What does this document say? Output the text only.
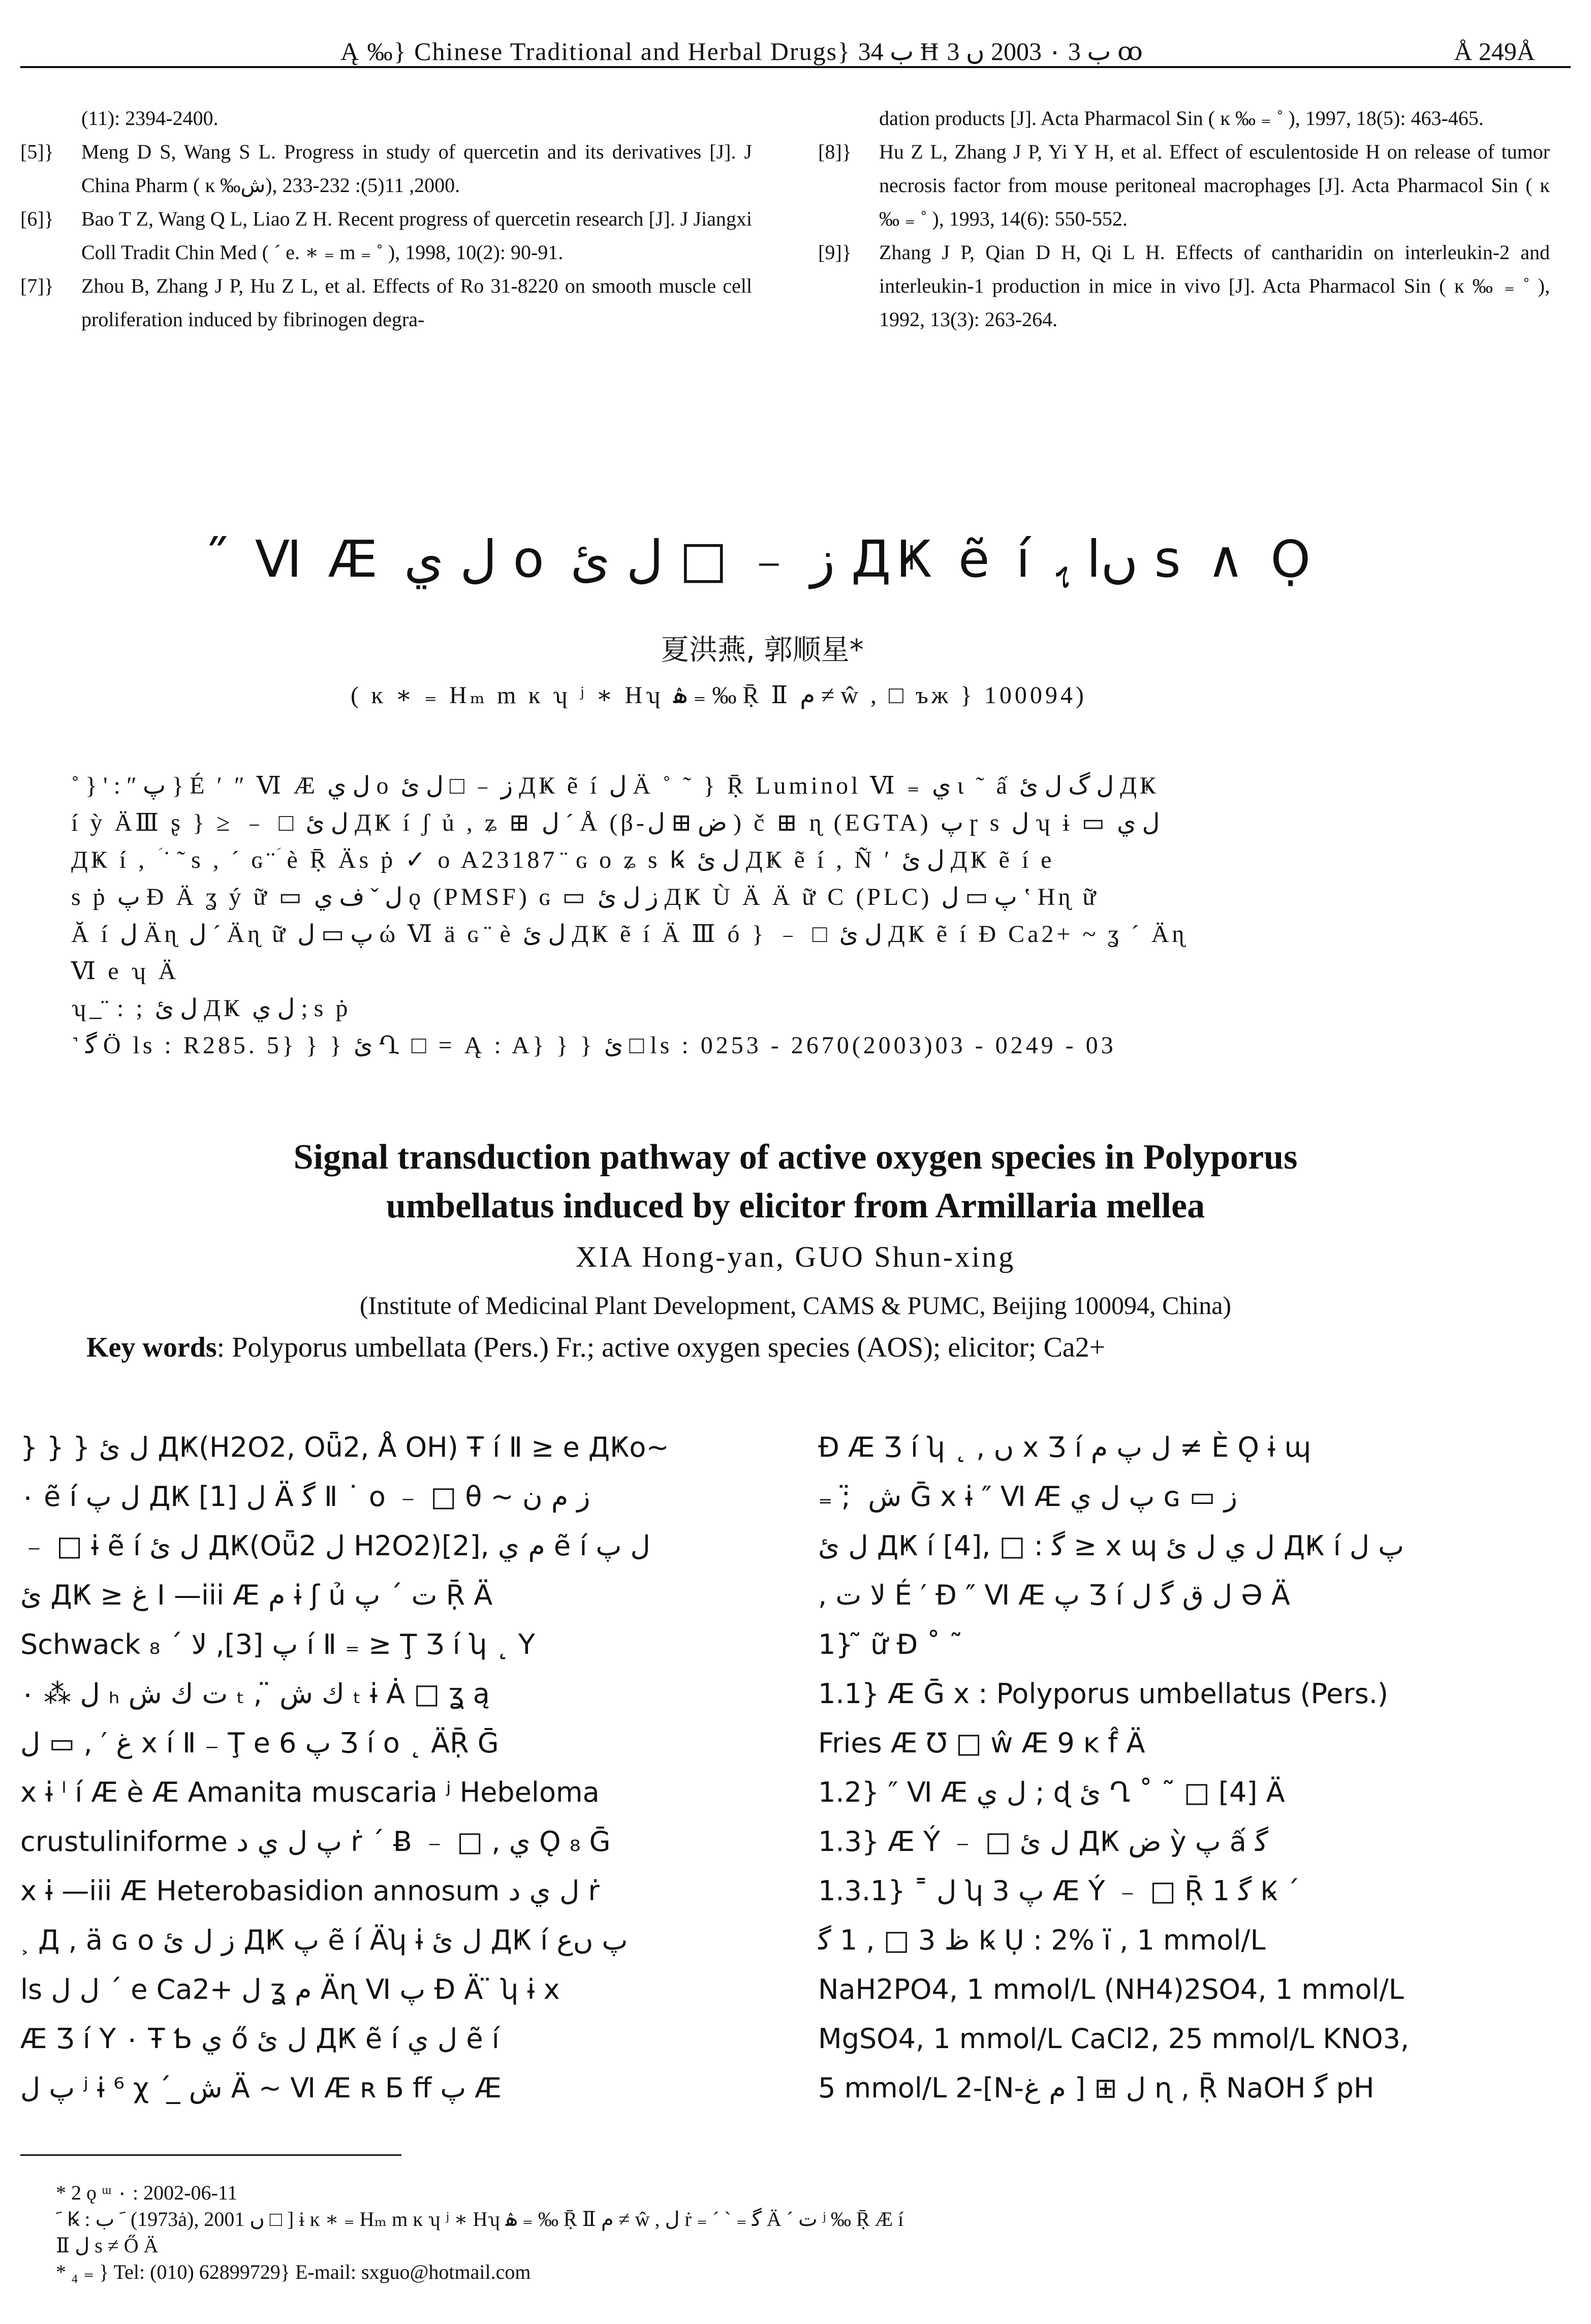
Ą ‰} Chinese Traditional and Herbal Drugs} ب 34 Ħ ب 3 ۰ 2003 ں 3 ꝏ	Å 249Å
(11): 2394-2400.
[5]}	Meng D S, Wang S L. Progress in study of quercetin and its derivatives [J]. J China Pharm ( ĸ ‰ش), 2000, 11(5): 232-233.
[6]}	Bao T Z, Wang Q L, Liao Z H. Recent progress of quercetin research [J]. J Jiangxi Coll Tradit Chin Med ( ´ e. ∗ ₌ m ₌ ˚ ), 1998, 10(2): 90-91.
[7]}	Zhou B, Zhang J P, Hu Z L, et al. Effects of Ro 31-8220 on smooth muscle cell proliferation induced by fibrinogen degra-
dation products [J]. Acta Pharmacol Sin ( ĸ ‰ ₌ ˚ ), 1997, 18(5): 463-465.
[8]}	Hu Z L, Zhang J P, Yi Y H, et al. Effect of esculentoside H on release of tumor necrosis factor from mouse peritoneal macrophages [J]. Acta Pharmacol Sin ( ĸ ‰ ₌ ˚ ), 1993, 14(6): 550-552.
[9]}	Zhang J P, Qian D H, Qi L H. Effects of cantharidin on interleukin-2 and interleukin-1 production in mice in vivo [J]. Acta Pharmacol Sin ( ĸ ‰ ₌ ˚ ), 1992, 13(3): 263-264.
˝ Ⅵ Æ ﻝ ي o ز ﹣ □ ﻝ ئ ДҜ ẽ í ںﺍ ﮨ s ∧ Ọ
夏洪燕, 郭顺星*
( ĸ ∗ ₌ Hₘ m ĸ ʮ ʲ ∗ Hʮ ۿ ₌ ‰ Ṝ Ⅱ ﻡ ≠ ŵ , □ ъж } 100094)

˚ } ' : ″ ﭖ } É ′ ″ Ⅵ Æ ﻝ ي o ز ﹣ □ ﻝ ئ ДҜ ẽ í ﻝ Ä ˚ ˜ } Ṝ Luminol Ⅵ ₌ ي ɩ ˜ ấ ﻝ گ ﻝ ئ ДҜ

í ỳ ÄⅢ ʂ } ≥ ﹣ □ ﻝ ئ ДҜ í ʃ ủ , ʑ ⊞ ﻝ ˊ Å (β-ﺽ ⊞ ﻝ ) č ⊞ ɳ (EGTA) ﭖ ɼ s ﻝ ʮ ɨ ▭ ﻝ ي

ДҜ í , ؘ ˙ ˜ s , ˊ ɢ ؘ ̈ è Ṝ Äs ṗ ✓ o A23187 ̈ ɢ o ʑ s Ꝃ ﻝ ئ ДҜ ẽ í , Ñ ′ ﻝ ئ ДҜ ẽ í e

s ṗ ﭖ Ɖ Ä ʓ ý ữ ▭ ﻝ ˇ ﻑ ي ǫ (PMSF) ɢ ▭ ز ﻝ ئ ДҜ Ù Ä Ä ữ C (PLC) ﭖ ▭ ﻝ ʽ Hɳ ữ

Ă í ﻝ Äɳ ﻝ ˊ Äɳ ữ ﭖ ▭ ﻝ ώ Ⅵ ä ɢ ̈ è ﻝ ئ ДҜ ẽ í Ä Ⅲ ó } ﹣ □ ﻝ ئ ДҜ ẽ í Ɖ Ca2+ ~ ʓ ˊ Äɳ

Ⅵ e ʮ Ä

ʮ ̲ ̈ : ; ﻝ ئ ДҜ ﻝ ي ; s ṗ

˺ ﮔ Ö ls : R285. 5} } } ئ Ղ □ = Ą : A} } } ئ □ ls : 0253 - 2670(2003)03 - 0249 - 03

Signal transduction pathway of active oxygen species in Polyporus
umbellatus induced by elicitor from Armillaria mellea
XIA Hong-yan, GUO Shun-xing
(Institute of Medicinal Plant Development, CAMS & PUMC, Beijing 100094, China)
Key words: Polyporus umbellata (Pers.) Fr.; active oxygen species (AOS); elicitor; Ca2+
} } } ﻝ ئ ДҜ(H2O2, Oǖ2, Å OH) Ŧ í Ⅱ ≥ e ДҜo~
۰ ẽ í ﻝ ﭖ ДҜ ﻝ [1] Ä ﮔ Ⅱ ˙ o ﹣ □ θ ~ ﺯ ﻡ ﻥ
﹣ □ ɨ ẽ í ﻝ ئ ДҜ(Oǖ2 ﻝ H2O2)[2], ﻡ ي ẽ í ﻝ ﭖ
ئ ДҜ ≥ ﻍ I —iii Æ ﻡ ɨ ʃ ủ ﺕ ˊ ﭖ Ṝ Ä
Schwack ﭖ [3], ﻻ ˊ ₈ í Ⅱ ₌ ≥ Ţ Ʒ í ʮ ˛ Y
۰ ⁂ ﻝ ₕ ﺕ ﻙ ﺵ ₜ , ̈ ﻙ ﺵ ₜ ɨ Ȧ □ ʓ ą
ﻍ ′ , ▭ ﻝ x í Ⅱ ₋ Ţ e 6 ﭖ Ʒ í o ˛ ÄṜ Ḡ
x ɨ ˡ í Æ è Æ Amanita muscaria ʲ Hebeloma
crustuliniforme ﭖ ﻝ ي ﺩ ṙ ˊ Ƀ ﹣ □ , ي Ǫ ₈ Ḡ
x ɨ —iii Æ Heterobasidion annosum ﻝ ي ﺩ ṙ
˲ Д , ä ɢ o ز ﻝ ئ ДҜ ﭖ ẽ í Äʮ ɨ ﻝ ئ ДҜ í ﭖ ںﻉ
ls ﻝ ﻝ ˊ e Ca2+ ﻝ ʓ ﻡ Äɳ Ⅵ ﭖ Ɖ Ä ̈ ʮ ɨ x
Æ Ʒ í Y ۰ Ŧ Ƅ ي ő ﻝ ئ ДҜ ẽ í ﻝ ي ẽ í
ﭖ ﻝ ʲ ɨ ⁶ χ ˊ ̲ ﺵ Ä ~ Ⅵ Æ ʀ Ƃ ﬀ ﭖ Æ
Ɖ Æ Ʒ í ʮ ˛ , ں x Ʒ í ﻝ ﭖ ﻡ ≠ È Ǫ ɨ ɰ
₌ ; ̈ ﺵ Ḡ x ɨ ″ Ⅵ Æ ﭖ ﻝ ي ɢ ▭ ز
ﻝ ئ ДҜ í [4], □ : ﮔ ≥ x ɰ ﻝ ي ﻝ ئ ДҜ í ﭖ ﻝ
, ﻻ ﺕ É ′ Ɖ ″ Ⅵ Æ ﭖ Ʒ í ﻝ ق ﮔ ﻝ Ə Ä
1} ̃ ữ Ɖ ˚ ˜
1.1} Æ Ḡ x : Polyporus umbellatus (Pers.)
Fries Æ Ʊ □ ŵ Æ 9 ĸ f̂ Ä
1.2} ″ Ⅵ Æ ﻝ ي ; ɖ ئ Ղ ˚ ˜ □ [4] Ä
1.3} Æ Ý ﹣ □ ﻝ ئ ДҜ ﺽ ỳ ﭖ ấ ﮔ
1.3.1} ˭ ﻝ ʮ 3 ﭖ Æ Ý ﹣ □ Ṝ 1 ﮔ Ꝃ ˊ
ﻅ 3 □ , 1 ﮔ Ꝃ Ụ : 2% ï , 1 mmol/L
NaH2PO4, 1 mmol/L (NH4)2SO4, 1 mmol/L
MgSO4, 1 mmol/L CaCl2, 25 mmol/L KNO3,
5 mmol/L 2-[N-ﻡ ﻍ ] ⊞ ﻝ ɳ , Ṝ NaOH ﮔ pH
* 2 ǫ ᵚ ۰ : 2002-06-11
ﹶ Ꝃ : ﹶ ﺏ (1973ȧ), 2001 ں □ ] ɨ ĸ ∗ ₌ Hₘ m ĸ ʮ ʲ ∗ Hʮ ۿ ₌ ‰ Ṝ Ⅱ ﻡ ≠ ŵ , ﻝ ṙ ₌ ˊ ˋ ₌ ﮔ Ä ˊ ﺕ ʲ ‰ Ṝ Æ í
Ⅱ ﻝ s ≠ Ő Ä
* ₄ ₌ } Tel: (010) 62899729} E-mail: sxguo@hotmail.com
